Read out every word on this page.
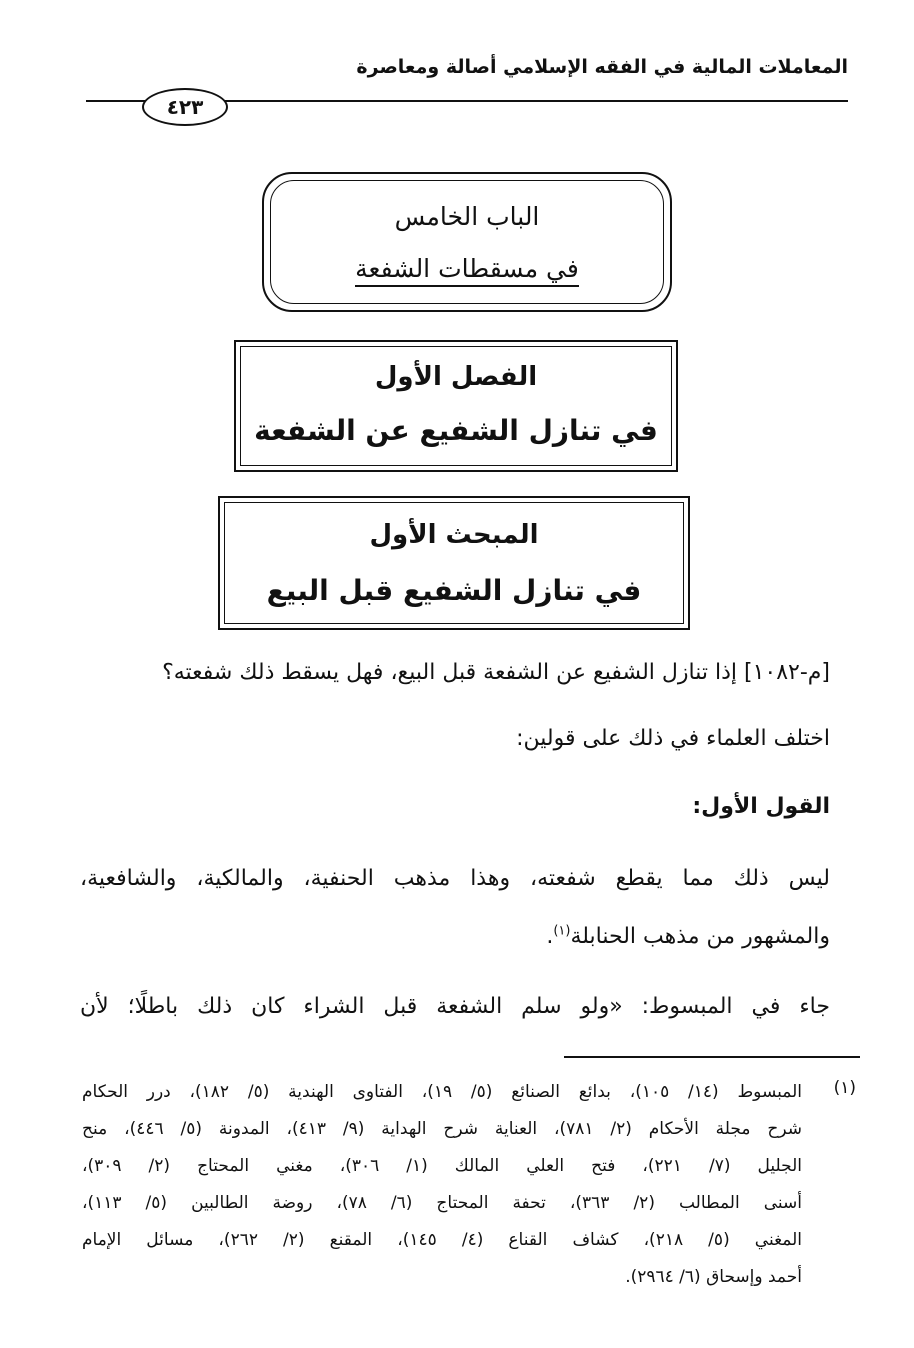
المعاملات المالية في الفقه الإسلامي أصالة ومعاصرة
٤٢٣
الباب الخامس
في مسقطات الشفعة
الفصل الأول
في تنازل الشفيع عن الشفعة
المبحث الأول
في تنازل الشفيع قبل البيع
[م-١٠٨٢] إذا تنازل الشفيع عن الشفعة قبل البيع، فهل يسقط ذلك شفعته؟
اختلف العلماء في ذلك على قولين:
القول الأول:
ليس ذلك مما يقطع شفعته، وهذا مذهب الحنفية، والمالكية، والشافعية،
والمشهور من مذهب الحنابلة$^{(١)}$.
جاء في المبسوط: «ولو سلم الشفعة قبل الشراء كان ذلك باطلًا؛ لأن
(١)
المبسوط (١٤/ ١٠٥)، بدائع الصنائع (٥/ ١٩)، الفتاوى الهندية (٥/ ١٨٢)، درر الحكام
شرح مجلة الأحكام (٢/ ٧٨١)، العناية شرح الهداية (٩/ ٤١٣)، المدونة (٥/ ٤٤٦)، منح
الجليل (٧/ ٢٢١)، فتح العلي المالك (١/ ٣٠٦)، مغني المحتاج (٢/ ٣٠٩)،
أسنى المطالب (٢/ ٣٦٣)، تحفة المحتاج (٦/ ٧٨)، روضة الطالبين (٥/ ١١٣)،
المغني (٥/ ٢١٨)، كشاف القناع (٤/ ١٤٥)، المقنع (٢/ ٢٦٢)، مسائل الإمام
أحمد وإسحاق (٦/ ٢٩٦٤).
